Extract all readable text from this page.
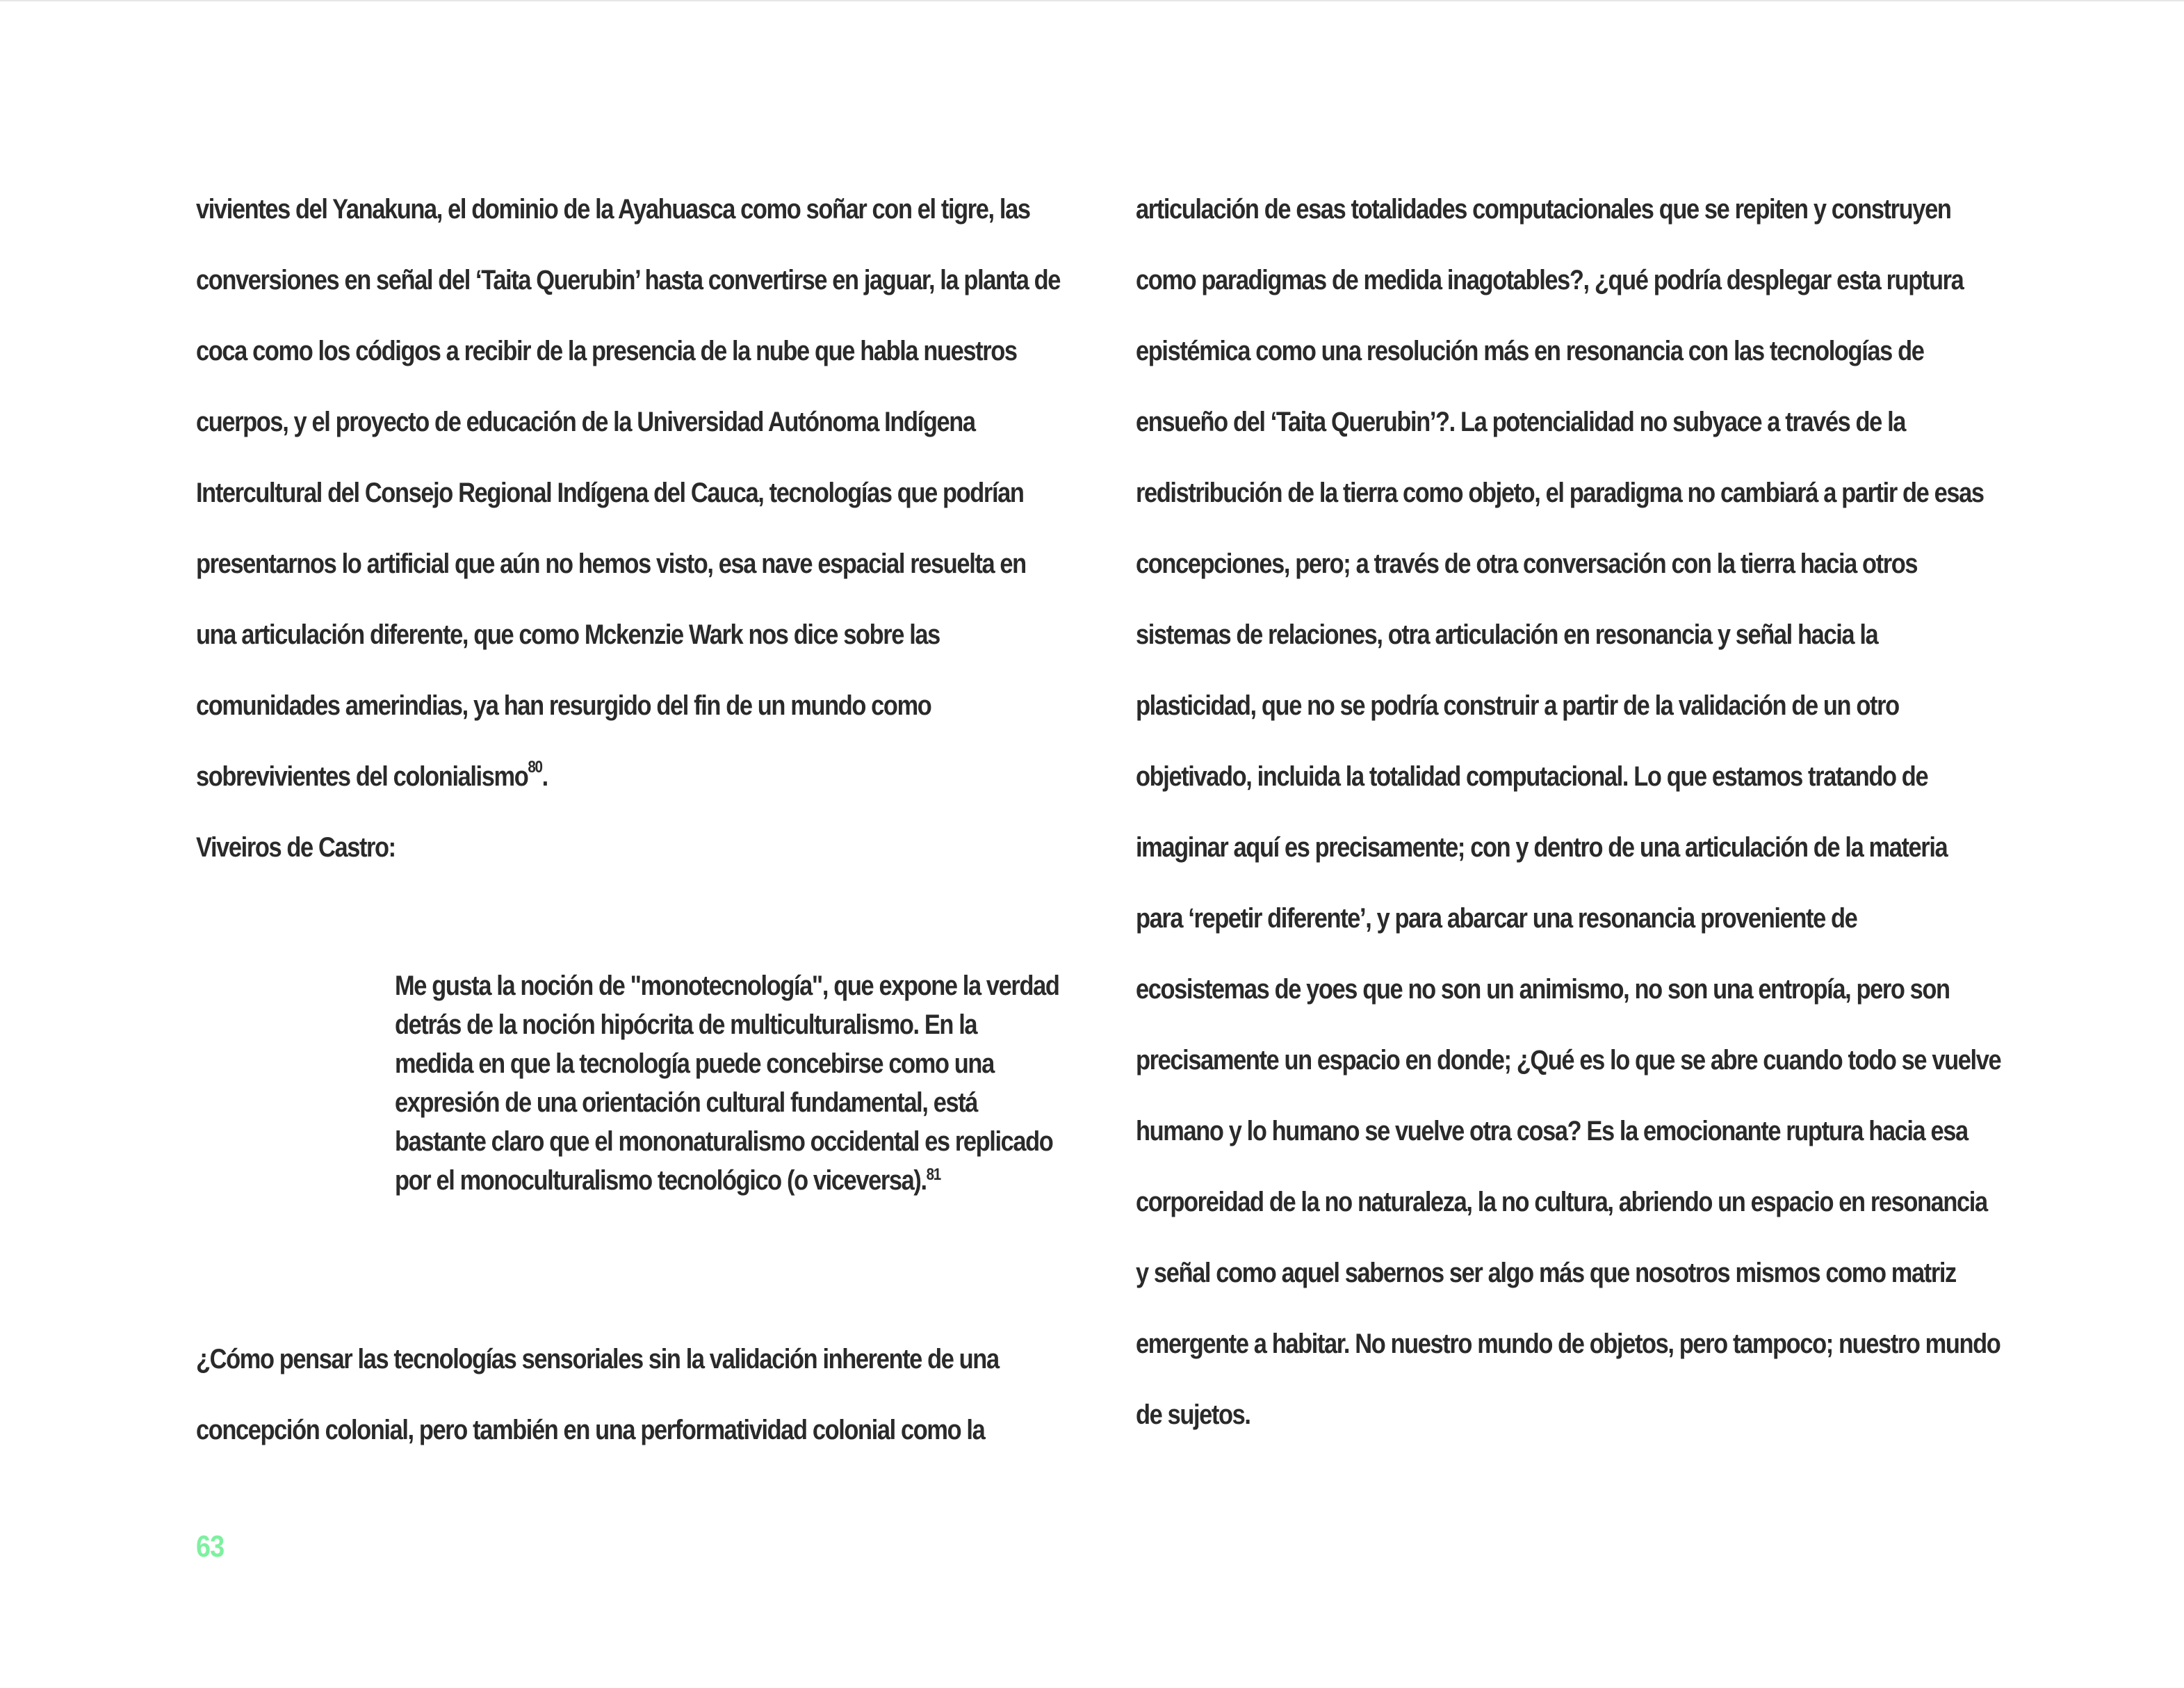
vivientes del Yanakuna, el dominio de la Ayahuasca como soñar con el tigre, las
conversiones en señal del ‘Taita Querubin’ hasta convertirse en jaguar, la planta de
coca como los códigos a recibir de la presencia de la nube que habla nuestros
cuerpos, y el proyecto de educación de la Universidad Autónoma Indígena
Intercultural del Consejo Regional Indígena del Cauca, tecnologías que podrían
presentarnos lo artificial que aún no hemos visto, esa nave espacial resuelta en
una articulación diferente, que como Mckenzie Wark nos dice sobre las
comunidades amerindias, ya han resurgido del fin de un mundo como
sobrevivientes del colonialismo$^{80}$.
Viveiros de Castro:
Me gusta la noción de "monotecnología", que expone la verdad
detrás de la noción hipócrita de multiculturalismo. En la
medida en que la tecnología puede concebirse como una
expresión de una orientación cultural fundamental, está
bastante claro que el mononaturalismo occidental es replicado
por el monoculturalismo tecnológico (o viceversa).$^{81}$
¿Cómo pensar las tecnologías sensoriales sin la validación inherente de una
concepción colonial, pero también en una performatividad colonial como la
articulación de esas totalidades computacionales que se repiten y construyen
como paradigmas de medida inagotables?, ¿qué podría desplegar esta ruptura
epistémica como una resolución más en resonancia con las tecnologías de
ensueño del ‘Taita Querubin’?. La potencialidad no subyace a través de la
redistribución de la tierra como objeto, el paradigma no cambiará a partir de esas
concepciones, pero; a través de otra conversación con la tierra hacia otros
sistemas de relaciones, otra articulación en resonancia y señal hacia la
plasticidad, que no se podría construir a partir de la validación de un otro
objetivado, incluida la totalidad computacional. Lo que estamos tratando de
imaginar aquí es precisamente; con y dentro de una articulación de la materia
para ‘repetir diferente’, y para abarcar una resonancia proveniente de
ecosistemas de yoes que no son un animismo, no son una entropía, pero son
precisamente un espacio en donde; ¿Qué es lo que se abre cuando todo se vuelve
humano y lo humano se vuelve otra cosa? Es la emocionante ruptura hacia esa
corporeidad de la no naturaleza, la no cultura, abriendo un espacio en resonancia
y señal como aquel sabernos ser algo más que nosotros mismos como matriz
emergente a habitar. No nuestro mundo de objetos, pero tampoco; nuestro mundo
de sujetos.
63
